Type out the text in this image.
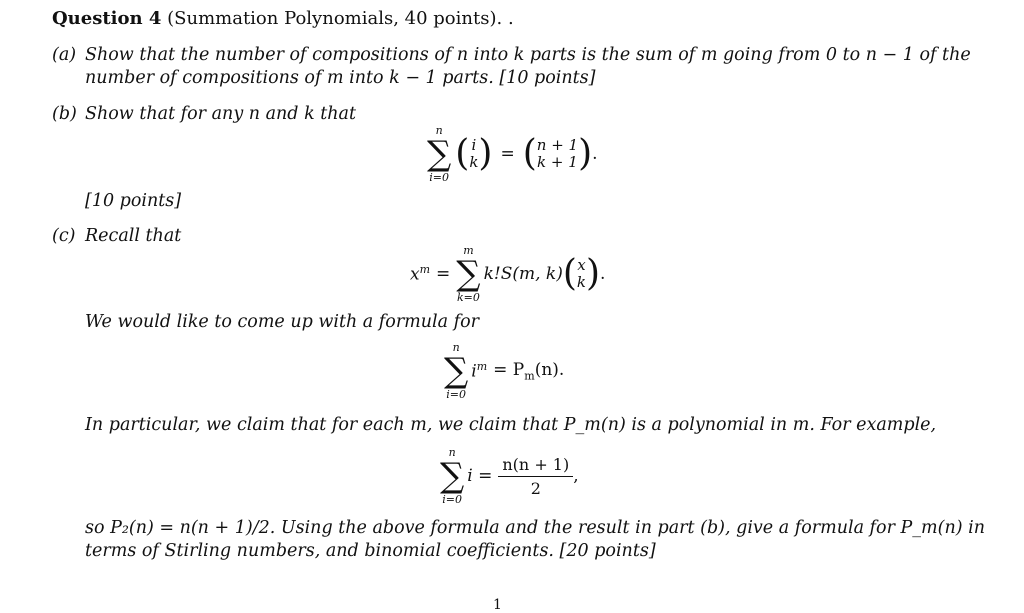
Question 4 (Summation Polynomials, 40 points). .
(a) Show that the number of compositions of n into k parts is the sum of m going from 0 to n − 1 of the
number of compositions of m into k − 1 parts. [10 points]
(b) Show that for any n and k that
n
∑
i=0
( i
k ) = ( n + 1
k + 1 ) .
[10 points]
(c) Recall that
$x^m$ =
m
∑
k=0
k!S(m, k) ( x
k ) .
We would like to come up with a formula for
n
∑
i=0
$i^m = P_m(n)$.
In particular, we claim that for each m, we claim that P_m(n) is a polynomial in m. For example,
n
∑
i=0
$i = \frac{n(n + 1)}{2}$ ,
so P₂(n) = n(n + 1)/2. Using the above formula and the result in part (b), give a formula for P_m(n) in
terms of Stirling numbers, and binomial coefficients. [20 points]
1
